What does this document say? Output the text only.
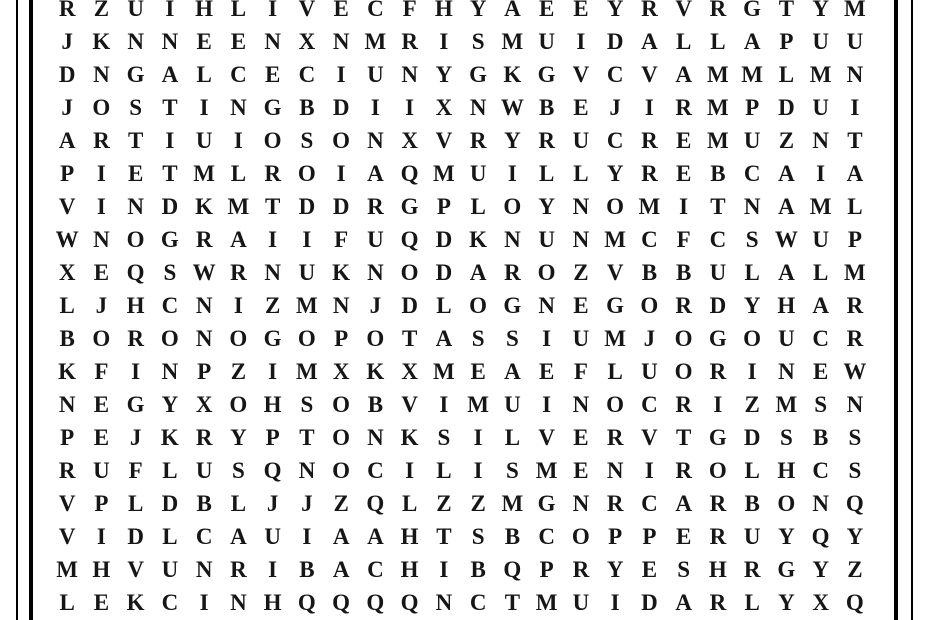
R Z U I H L I V E C F H Y A E E Y R V R G T Y M
J K N N E E N X N M R I	S M U I D A L L A P U U
D N G A L C E C I U N Y G K G V C V A M M L M N
J O S T I N G B D I	I X N W B E J	I R M P D U I
A R T I U I O S O N X V R Y R U C R E M U Z N T
P I E T M L R O I A Q M U I L L Y R E B C A I A
V I N D K M T D D R G P L O Y N O M I T N A M L
W N O G R A I	I F U Q D K N U N M C F C S W U P
X E Q S W R N U K N O D A R O Z V B B U L A L M
L J H C N I Z M N J D L O G N E G O R D Y H A R
B O R O N O G O P O T A S S	I U M J O G O U C R
K F I N P Z I M X K X M E A E F L U O R I N E W
N E G Y X O H S O B V I M U I N O C R I Z M S N
P E J K R Y P T O N K S	I L V E R V T G D S B S
R U F L U S Q N O C I L I	S M E N I R O L H C S
V P L D B L J J Z Q L Z Z M G N R C A R B O N Q
V I D L C A U I A A H T S B C O P P E R U Y Q Y
M H V U N R I B A C H I B Q P R Y E S H R G Y Z
L E K C I N H Q Q Q Q N C T M U I D A R L Y X Q
